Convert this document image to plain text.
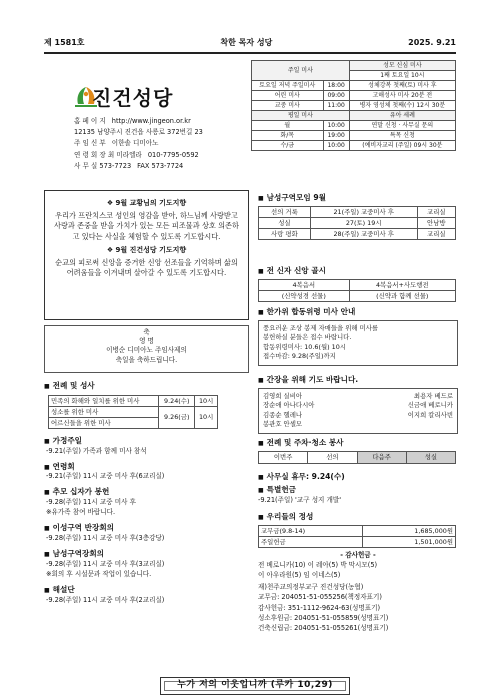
제 1581호	착한 목자 성당	2025. 9.21
진건성당
홈 페 이 지 http://www.jingeon.or.kr
12135 남양주시 진건읍 사릉로 372번길 23
주 임 신 부 이한솔 디미아노
연 령 회 장 최 미라엘라 010-7795-0592
사 무 실 573-7723 FAX 573-7724
주일 미사		성모 신심 미사
		1째 토요일 10시
토요일 저녁 주일미사	18:00	성체강복 첫째(토) 미사 후
어린 미사	09:00	고해성사 미사 20분 전
교중 미사	11:00	병자 영성체 첫째(수) 12시 30분
평일 미사		유아 세례
월	10:00	연말 신청 · 사무실 문의
화/목	19:00	특목 신청
수/금	10:00	(예비자교리 (주일) 09시 30분
❖ 9월 교황님의 기도지향

우리가 프란치스코 성인의 영감을 받아, 하느님께 사랑받고 사랑과 존중을 받을 가치가 있는 모든 피조물과 상호 의존하고 있다는 사실을 체험할 수 있도록 기도합시다.

❖ 9월 진건성당 기도지향

순교의 피로써 신앙을 증거한 신앙 선조들을 기억하며 삶의 어려움들을 이겨내며 살아갈 수 있도록 기도합시다.

축
영 명
이병순 디미아노 주임사제의
축일을 축하드립니다.
■ 전례 및 성사
민족의 화해와 일치를 위한 미사	9.24(수)	10시
성소를 위한 미사	9.26(금)	10시
어르신들을 위한 미사		
■ 가정주일
-9.21(주일) 가족과 함께 미사 참석
■ 연령회
-9.21(주일) 11시 교중 미사 후(6교리실)
■ 추모 십자가 봉헌
-9.28(주일) 11시 교중 미사 후
※유가족 참여 바랍니다.
■ 이성구역 반장회의
-9.28(주일) 11시 교중 미사 후(3층강당)
■ 남성구역장회의
-9.28(주일) 11시 교중 미사 후(3교리실)
※회의 후 시설문과 작업이 있습니다.
■ 해설단
-9.28(주일) 11시 교중 미사 후(2교리실)
■ 남성구역모임 9월
선의 거룩	21(주일) 교중미사 후	교리실
성실	27(토) 19시	안남방
사랑 평화	28(주일) 교중미사 후	교리실
■ 전 신자 신앙 골시
4복음서	4복음서+사도행전
(신약성경 선물)	(신약과 함께 선물)
■ 한가위 합동위령 미사 안내
풍요러운 조상 봉제 자매들을 위해 미사를
봉헌하실 분들은 접수 바랍니다.
합동위령미사: 10.6(월) 10시
접수마감: 9.28(주일)까지
■ 간장을 위해 기도 바랍니다.
김영희 실비아	최용자 베드로
장순애 아나다시아	신금애 베로니카
김종순 헬레나	이지희 칼리사빈
봉관호 안셀모
■ 전례 및 주차·청소 봉사
이번주	선의	다음주	성실
■ 사무실 휴무: 9.24(수)
■ 특별헌금
-9.21(주일) '교구 성지 개발'
■ 우리들의 정성
교무금(9.8-14)	1,685,000원
주일헌금	1,501,000원
- 감사헌금 -
전 베로니카(10) 이 레아(5) 박 막시모(5)
이 아우라원(5) 임 이네스(5)
재)천주교의정부교구 진건성당(농협)
교무금: 204051-51-055256(책정자표기)
감사헌금: 351-1112-9624-63(성명표기)
성소후원금: 204051-51-055859(성명표기)
건축신립금: 204051-51-055261(성명표기)
누가 저의 이웃입니까 (루카 10,29)
